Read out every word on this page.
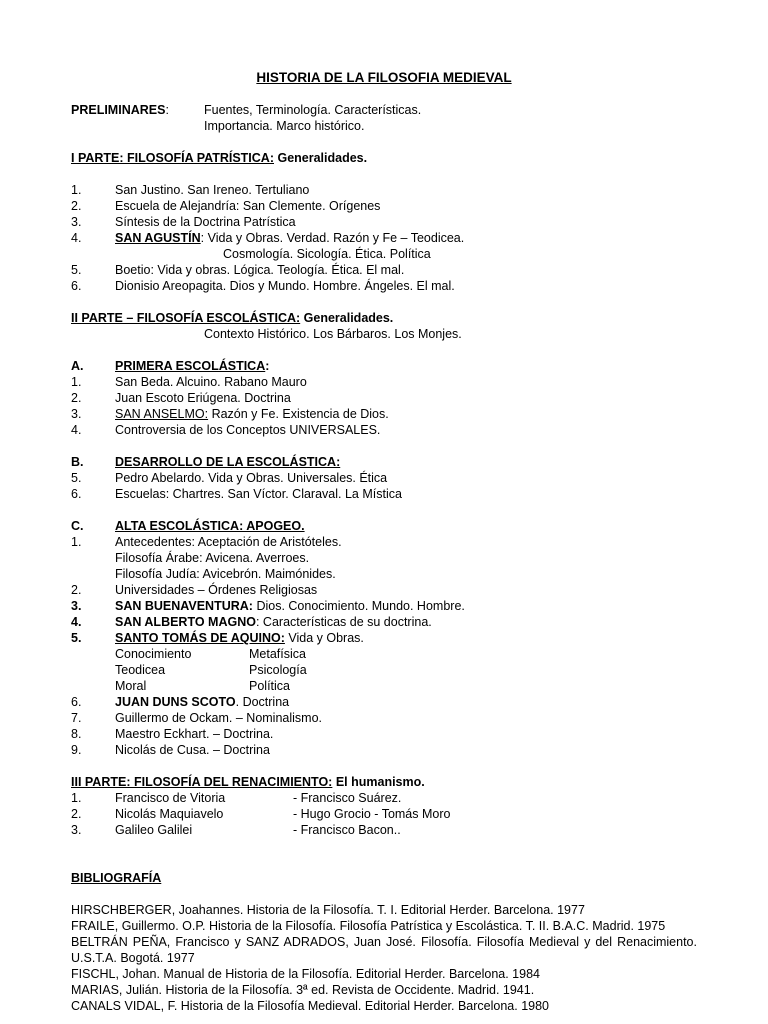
HISTORIA DE LA FILOSOFIA MEDIEVAL
PRELIMINARES:	Fuentes, Terminología. Características.
Importancia. Marco histórico.
I PARTE: FILOSOFÍA PATRÍSTICA: Generalidades.
1.	San Justino. San Ireneo. Tertuliano
2.	Escuela de Alejandría: San Clemente. Orígenes
3.	Síntesis de la Doctrina Patrística
4.	SAN AGUSTÍN: Vida y Obras. Verdad. Razón y Fe – Teodicea.
Cosmología. Sicología. Ética. Política
5.	Boetio: Vida y obras. Lógica. Teología. Ética. El mal.
6.	Dionisio Areopagita. Dios y Mundo. Hombre. Ángeles. El mal.
II PARTE – FILOSOFÍA ESCOLÁSTICA: Generalidades.
Contexto Histórico. Los Bárbaros. Los Monjes.
A.	PRIMERA ESCOLÁSTICA:
1.	San Beda. Alcuino. Rabano Mauro
2.	Juan Escoto Eriúgena. Doctrina
3.	SAN ANSELMO: Razón y Fe. Existencia de Dios.
4.	Controversia de los Conceptos UNIVERSALES.
B.	DESARROLLO DE LA ESCOLÁSTICA:
5.	Pedro Abelardo. Vida y Obras. Universales. Ética
6.	Escuelas: Chartres. San Víctor. Claraval. La Mística
C.	ALTA ESCOLÁSTICA: APOGEO.
1.	Antecedentes: Aceptación de Aristóteles.
Filosofía Árabe: Avicena. Averroes.
Filosofía Judía: Avicebrón. Maimónides.
2.	Universidades – Órdenes Religiosas
3.	SAN BUENAVENTURA: Dios. Conocimiento. Mundo. Hombre.
4.	SAN ALBERTO MAGNO: Características de su doctrina.
5.	SANTO TOMÁS DE AQUINO: Vida y Obras.
Conocimiento	Metafísica
Teodicea	Psicología
Moral	Política
6.	JUAN DUNS SCOTO. Doctrina
7.	Guillermo de Ockam. – Nominalismo.
8.	Maestro Eckhart. – Doctrina.
9.	Nicolás de Cusa. – Doctrina
III PARTE: FILOSOFÍA DEL RENACIMIENTO: El humanismo.
1.	Francisco de Vitoria	- Francisco Suárez.
2.	Nicolás Maquiavelo	- Hugo Grocio - Tomás Moro
3.	Galileo Galilei	- Francisco Bacon..
BIBLIOGRAFÍA

HIRSCHBERGER, Joahannes. Historia de la Filosofía. T. I. Editorial Herder. Barcelona. 1977

FRAILE, Guillermo. O.P. Historia de la Filosofía. Filosofía Patrística y Escolástica. T. II. B.A.C. Madrid. 1975

BELTRÁN PEÑA, Francisco y SANZ ADRADOS, Juan José. Filosofía. Filosofía Medieval y del Renacimiento. U.S.T.A. Bogotá. 1977

FISCHL, Johan. Manual de Historia de la Filosofía. Editorial Herder. Barcelona. 1984

MARIAS, Julián. Historia de la Filosofía. 3ª ed. Revista de Occidente. Madrid. 1941.

CANALS VIDAL, F. Historia de la Filosofía Medieval. Editorial Herder. Barcelona. 1980
